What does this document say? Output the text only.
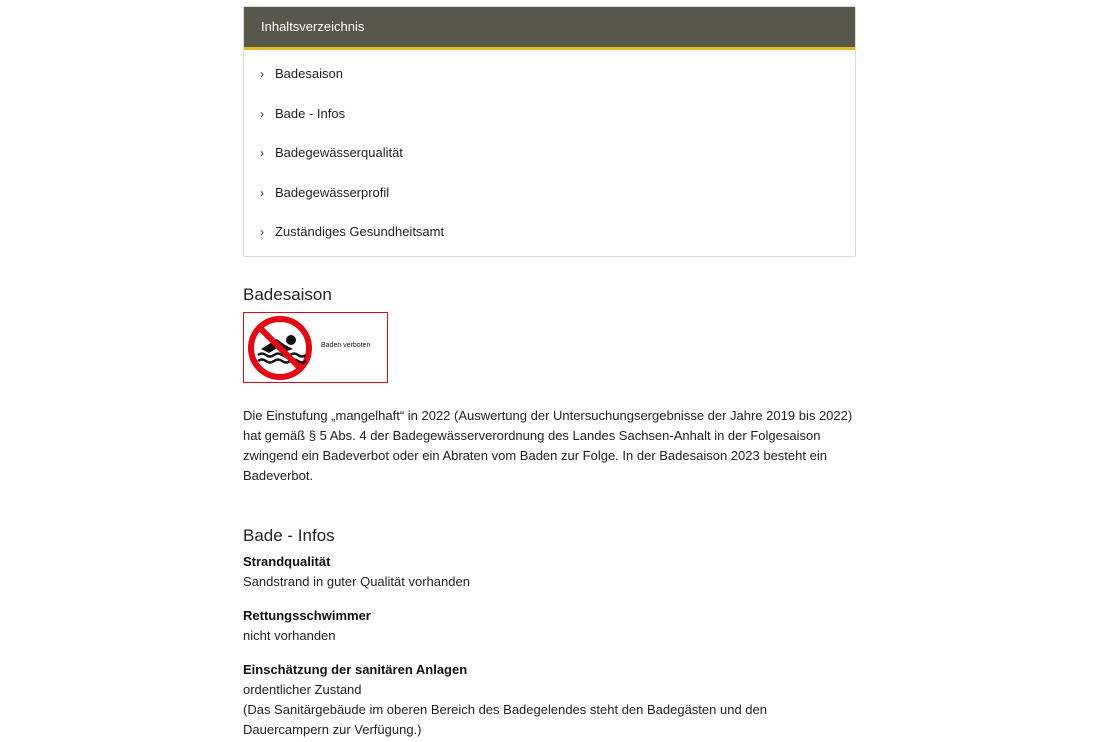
Inhaltsverzeichnis
› Badesaison
› Bade - Infos
› Badegewässerqualität
› Badegewässerprofil
› Zuständiges Gesundheitsamt
Badesaison
Baden verboten

Die Einstufung „mangelhaft“ in 2022 (Auswertung der Untersuchungsergebnisse der Jahre 2019 bis 2022) hat gemäß § 5 Abs. 4 der Badegewässerverordnung des Landes Sachsen-Anhalt in der Folgesaison zwingend ein Badeverbot oder ein Abraten vom Baden zur Folge. In der Badesaison 2023 besteht ein Badeverbot.

Bade - Infos
Strandqualität
Sandstrand in guter Qualität vorhanden
Rettungsschwimmer
nicht vorhanden
Einschätzung der sanitären Anlagen
ordentlicher Zustand
(Das Sanitärgebäude im oberen Bereich des Badegelendes steht den Badegästen und den Dauercampern zur Verfügung.)
